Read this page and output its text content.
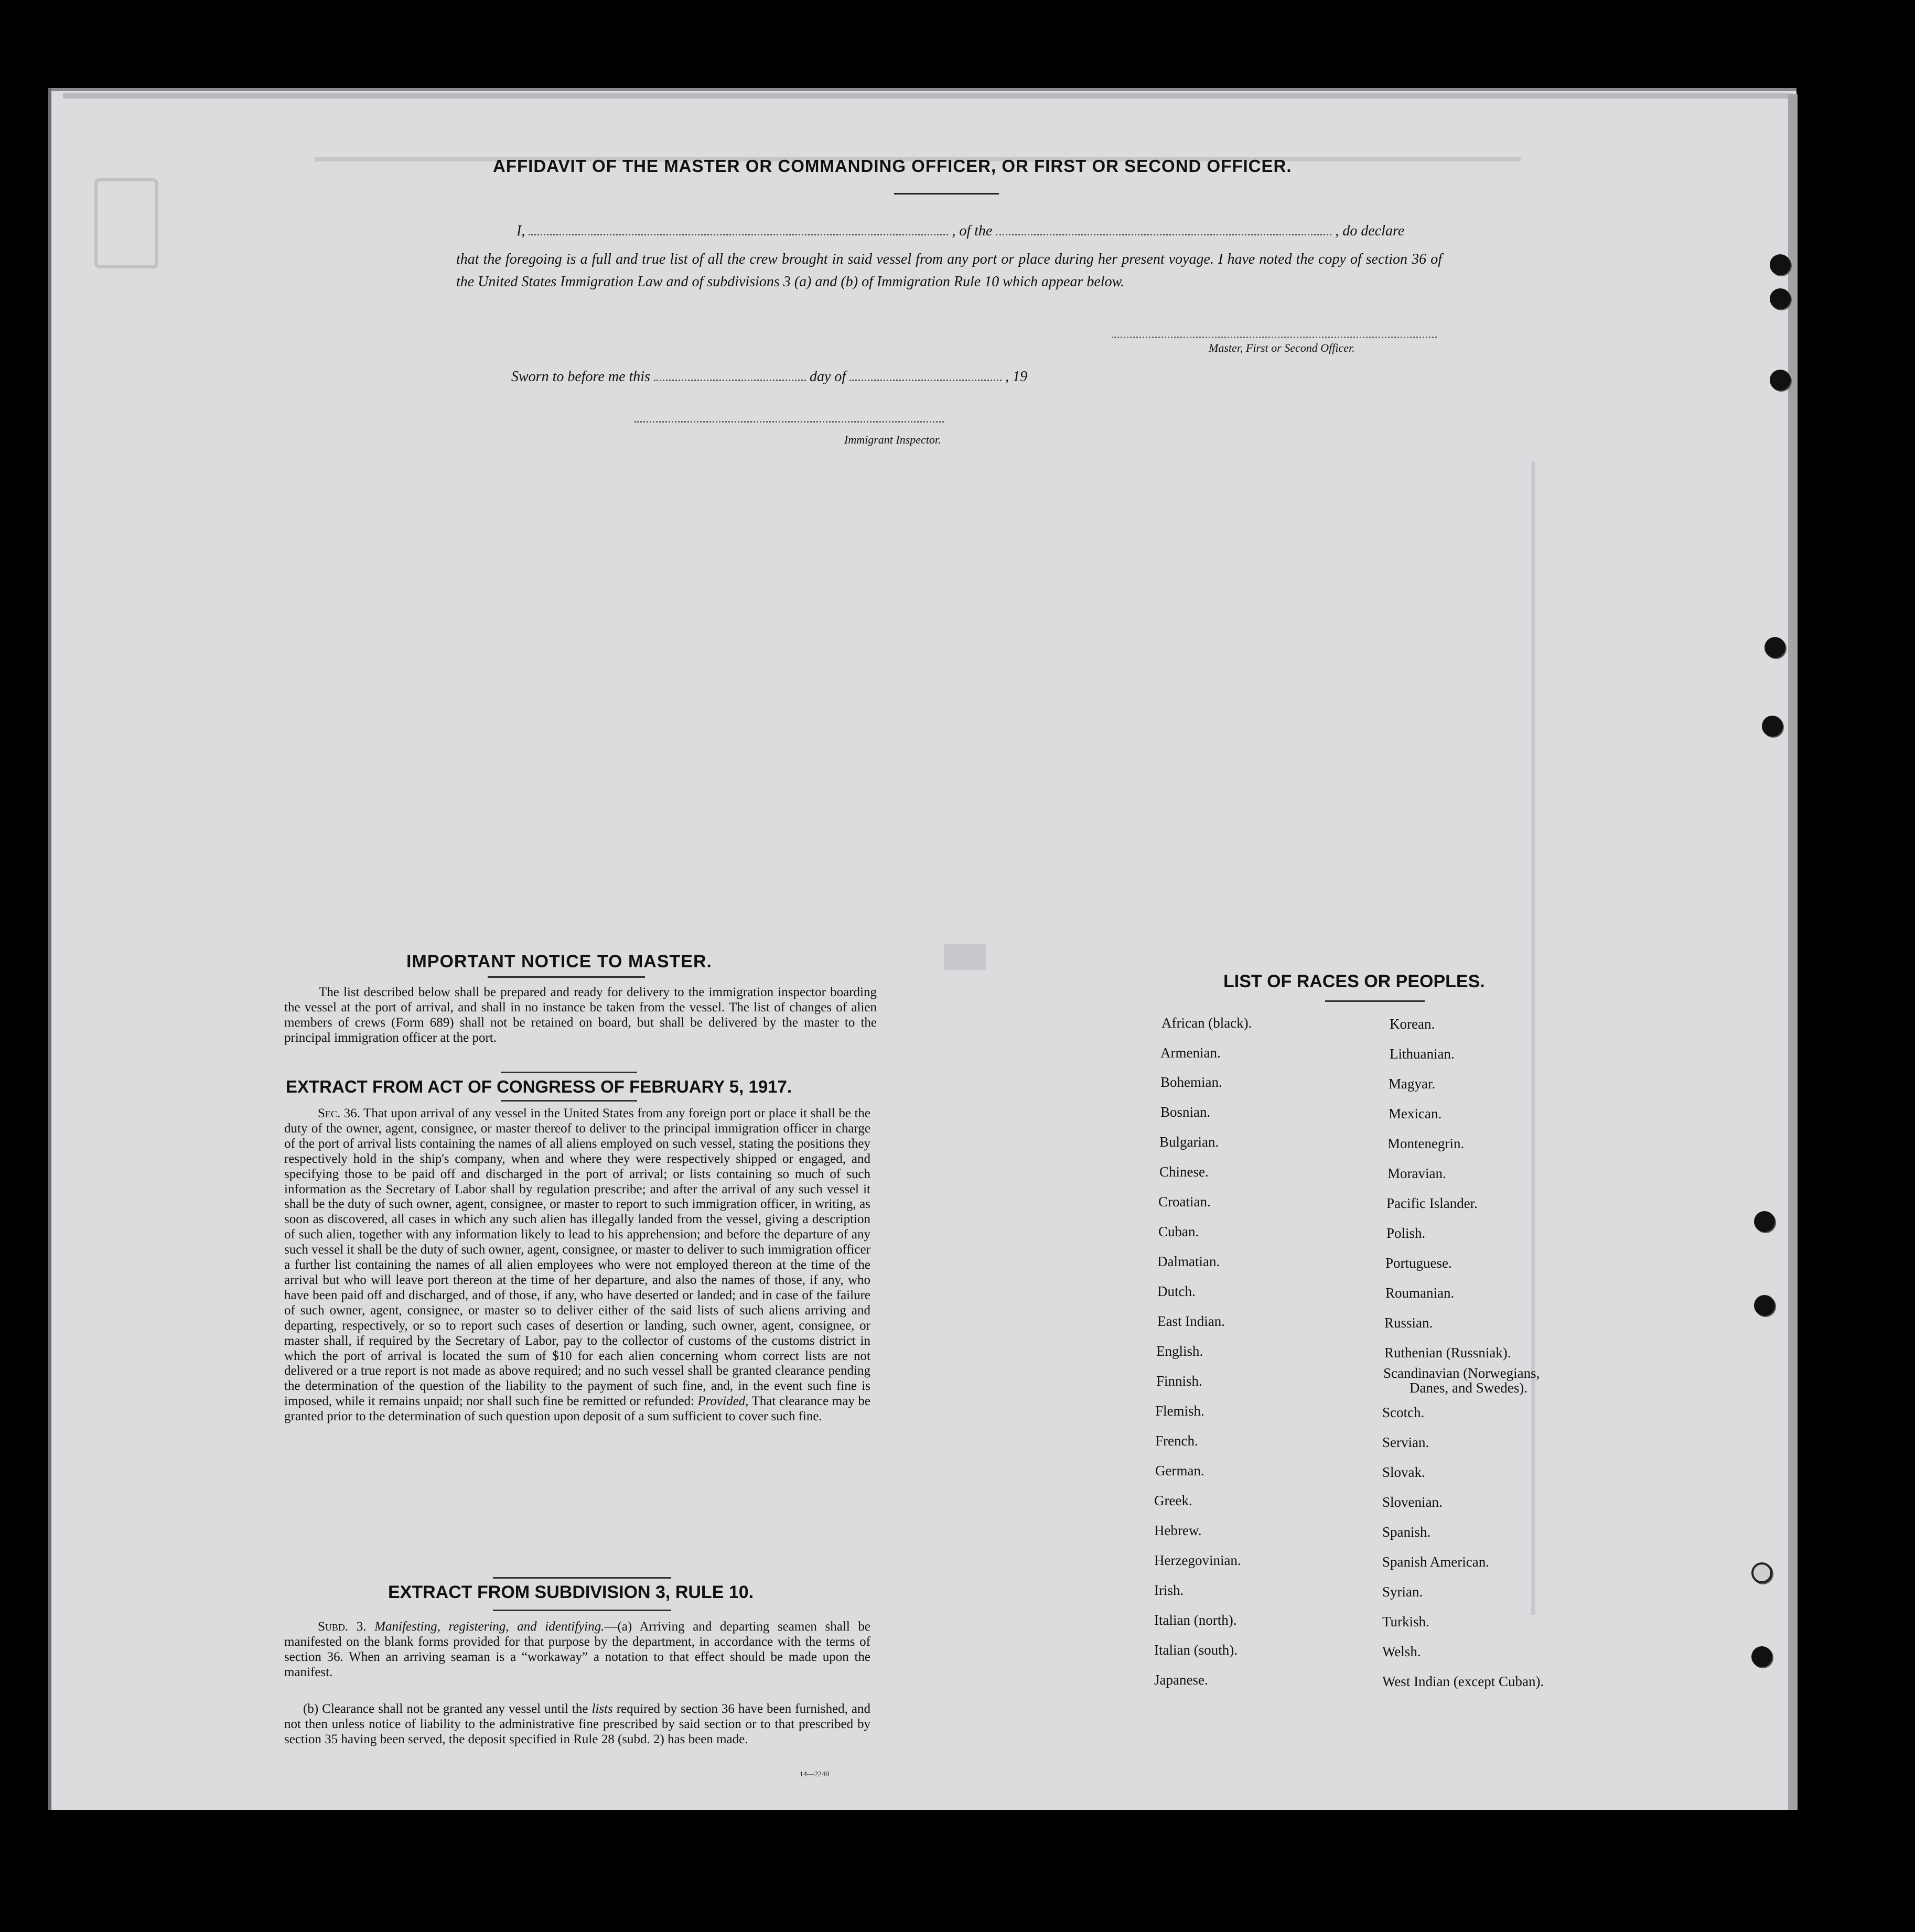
AFFIDAVIT OF THE MASTER OR COMMANDING OFFICER, OR FIRST OR SECOND OFFICER.
I,	, of the	, do declare
that the foregoing is a full and true list of all the crew brought in said vessel from any port or place during her present voyage. I have noted the copy of section 36 of the United States Immigration Law and of subdivisions 3 (a) and (b) of Immigration Rule 10 which appear below.
Master, First or Second Officer.
Sworn to before me this	day of	, 19
Immigrant Inspector.
IMPORTANT NOTICE TO MASTER.
The list described below shall be prepared and ready for delivery to the immigration inspector boarding the vessel at the port of arrival, and shall in no instance be taken from the vessel. The list of changes of alien members of crews (Form 689) shall not be retained on board, but shall be delivered by the master to the principal immigration officer at the port.
EXTRACT FROM ACT OF CONGRESS OF FEBRUARY 5, 1917.
Sec. 36. That upon arrival of any vessel in the United States from any foreign port or place it shall be the duty of the owner, agent, consignee, or master thereof to deliver to the principal immigration officer in charge of the port of arrival lists containing the names of all aliens employed on such vessel, stating the positions they respectively hold in the ship's company, when and where they were respectively shipped or engaged, and specifying those to be paid off and discharged in the port of arrival; or lists containing so much of such information as the Secretary of Labor shall by regulation prescribe; and after the arrival of any such vessel it shall be the duty of such owner, agent, consignee, or master to report to such immigration officer, in writing, as soon as discovered, all cases in which any such alien has illegally landed from the vessel, giving a description of such alien, together with any information likely to lead to his apprehension; and before the departure of any such vessel it shall be the duty of such owner, agent, consignee, or master to deliver to such immigration officer a further list containing the names of all alien employees who were not employed thereon at the time of the arrival but who will leave port thereon at the time of her departure, and also the names of those, if any, who have been paid off and discharged, and of those, if any, who have deserted or landed; and in case of the failure of such owner, agent, consignee, or master so to deliver either of the said lists of such aliens arriving and departing, respectively, or so to report such cases of desertion or landing, such owner, agent, consignee, or master shall, if required by the Secretary of Labor, pay to the collector of customs of the customs district in which the port of arrival is located the sum of $10 for each alien concerning whom correct lists are not delivered or a true report is not made as above required; and no such vessel shall be granted clearance pending the determination of the question of the liability to the payment of such fine, and, in the event such fine is imposed, while it remains unpaid; nor shall such fine be remitted or refunded: Provided, That clearance may be granted prior to the determination of such question upon deposit of a sum sufficient to cover such fine.
EXTRACT FROM SUBDIVISION 3, RULE 10.
Subd. 3. Manifesting, registering, and identifying.—(a) Arriving and departing seamen shall be manifested on the blank forms provided for that purpose by the department, in accordance with the terms of section 36. When an arriving seaman is a “workaway” a notation to that effect should be made upon the manifest.
(b) Clearance shall not be granted any vessel until the lists required by section 36 have been furnished, and not then unless notice of liability to the administrative fine prescribed by said section or to that prescribed by section 35 having been served, the deposit specified in Rule 28 (subd. 2) has been made.
14—2240
LIST OF RACES OR PEOPLES.
African (black).
Armenian.
Bohemian.
Bosnian.
Bulgarian.
Chinese.
Croatian.
Cuban.
Dalmatian.
Dutch.
East Indian.
English.
Finnish.
Flemish.
French.
German.
Greek.
Hebrew.
Herzegovinian.
Irish.
Italian (north).
Italian (south).
Japanese.
Korean.
Lithuanian.
Magyar.
Mexican.
Montenegrin.
Moravian.
Pacific Islander.
Polish.
Portuguese.
Roumanian.
Russian.
Ruthenian (Russniak).
Scandinavian (Norwegians,
Danes, and Swedes).
Scotch.
Servian.
Slovak.
Slovenian.
Spanish.
Spanish American.
Syrian.
Turkish.
Welsh.
West Indian (except Cuban).
